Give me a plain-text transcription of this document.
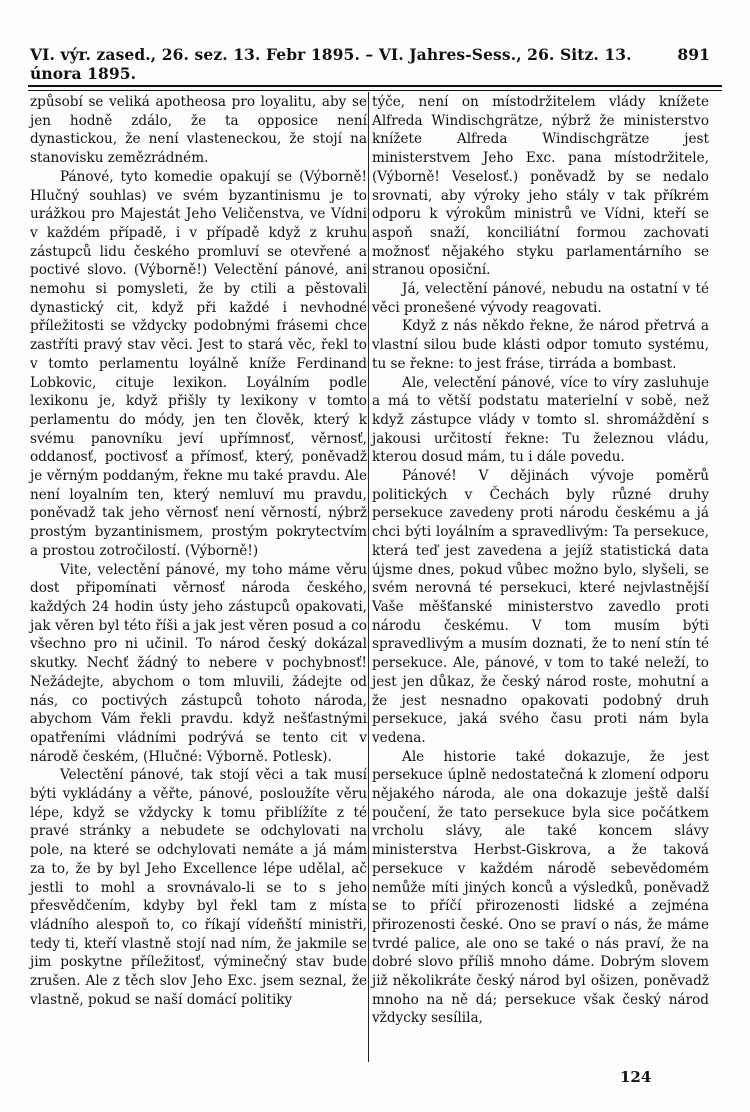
VI. výr. zased., 26. sez. 13. Febr 1895. – VI. Jahres-Sess., 26. Sitz. 13. února 1895.
891

způsobí se veliká apotheosa pro loyalitu, aby se jen hodně zdálo, že ta opposice není dynastickou, že není vlasteneckou, že stojí na stanovisku zemězrádném.

Pánové, tyto komedie opakují se (Výborně! Hlučný souhlas) ve svém byzantinismu je to urážkou pro Majestát Jeho Veličenstva, ve Vídni v každém případě, i v případě když z kruhu zástupců lidu českého promluví se otevřené a poctivé slovo. (Výborně!) Velectění pánové, ani nemohu si pomysleti, že by ctili a pěstovali dynastický cit, když při každé i nevhodné příležitosti se vždycky podobnými frásemi chce zastříti pravý stav věci. Jest to stará věc, řekl to v tomto perlamentu loyálně kníže Ferdinand Lobkovic, cituje lexikon. Loyálním podle lexikonu je, když přišly ty lexikony v tomto perlamentu do módy, jen ten člověk, který k svému panovníku jeví upřímnosť, věrnosť, oddanosť, poctivosť a přímosť, který, poněvadž je věrným poddaným, řekne mu také pravdu. Ale není loyalním ten, který nemluví mu pravdu, poněvadž tak jeho věrnosť není věrností, nýbrž prostým byzantinismem, prostým pokrytectvím a prostou zotročilostí. (Výborně!)

Vite, velectění pánové, my toho máme věru dost připomínati věrnosť národa českého, každých 24 hodin ústy jeho zástupců opakovati, jak věren byl této říši a jak jest věren posud a co všechno pro ni učinil. To národ český dokázal skutky. Nechť žádný to nebere v pochybnosť! Nežádejte, abychom o tom mluvili, žádejte od nás, co poctivých zástupců tohoto národa, abychom Vám řekli pravdu. když nešťastnými opatřeními vládními podrývá se tento cit v národě českém, (Hlučné: Výborně. Potlesk).

Velectění pánové, tak stojí věci a tak musí býti vykládány a věřte, pánové, posloužíte věru lépe, když se vždycky k tomu přiblížíte z té pravé stránky a nebudete se odchylovati na pole, na které se odchylovati nemáte a já mám za to, že by byl Jeho Excellence lépe udělal, ač jestli to mohl a srovnávalo-li se to s jeho přesvědčením, kdyby byl řekl tam z místa vládního alespoň to, co říkají vídeňští ministři, tedy ti, kteří vlastně stojí nad ním, že jakmile se jim poskytne příležitosť, výminečný stav bude zrušen. Ale z těch slov Jeho Exc. jsem seznal, že vlastně, pokud se naší domácí politiky

týče, není on místodržitelem vlády knížete Alfreda Windischgrätze, nýbrž že ministerstvo knížete Alfreda Windischgrätze jest ministerstvem Jeho Exc. pana místodržitele, (Výborně! Veselosť.) poněvadž by se nedalo srovnati, aby výroky jeho stály v tak příkrém odporu k výrokům ministrů ve Vídni, kteří se aspoň snaží, konciliátní formou zachovati možnosť nějakého styku parlamentárního se stranou oposiční.

Já, velectění pánové, nebudu na ostatní v té věci pronešené vývody reagovati.

Když z nás někdo řekne, že národ přetrvá a vlastní silou bude klásti odpor tomuto systému, tu se řekne: to jest fráse, tirráda a bombast.

Ale, velectění pánové, více to víry zasluhuje a má to větší podstatu materielní v sobě, než když zástupce vlády v tomto sl. shromáždění s jakousi určitostí řekne: Tu železnou vládu, kterou dosud mám, tu i dále povedu.

Pánové! V dějinách vývoje poměrů politických v Čechách byly různé druhy persekuce zavedeny proti národu českému a já chci býti loyálním a spravedlivým: Ta persekuce, která teď jest zavedena a jejíž statistická data újsme dnes, pokud vůbec možno bylo, slyšeli, se svém nerovná té persekuci, které nejvlastnější Vaše měšťanské ministerstvo zavedlo proti národu českému. V tom musím býti spravedlivým a musím doznati, že to není stín té persekuce. Ale, pánové, v tom to také neleží, to jest jen důkaz, že český národ roste, mohutní a že jest nesnadno opakovati podobný druh persekuce, jaká svého času proti nám byla vedena.

Ale historie také dokazuje, že jest persekuce úplně nedostatečná k zlomení odporu nějakého národa, ale ona dokazuje ještě další poučení, že tato persekuce byla sice počátkem vrcholu slávy, ale také koncem slávy ministerstva Herbst-Giskrova, a že taková persekuce v každém národě sebevědomém nemůže míti jiných konců a výsledků, poněvadž se to příčí přirozenosti lidské a zejména přirozenosti české. Ono se praví o nás, že máme tvrdé palice, ale ono se také o nás praví, že na dobré slovo příliš mnoho dáme. Dobrým slovem již několikráte český národ byl ošizen, poněvadž mnoho na ně dá; persekuce však český národ vždycky sesílila,

124
